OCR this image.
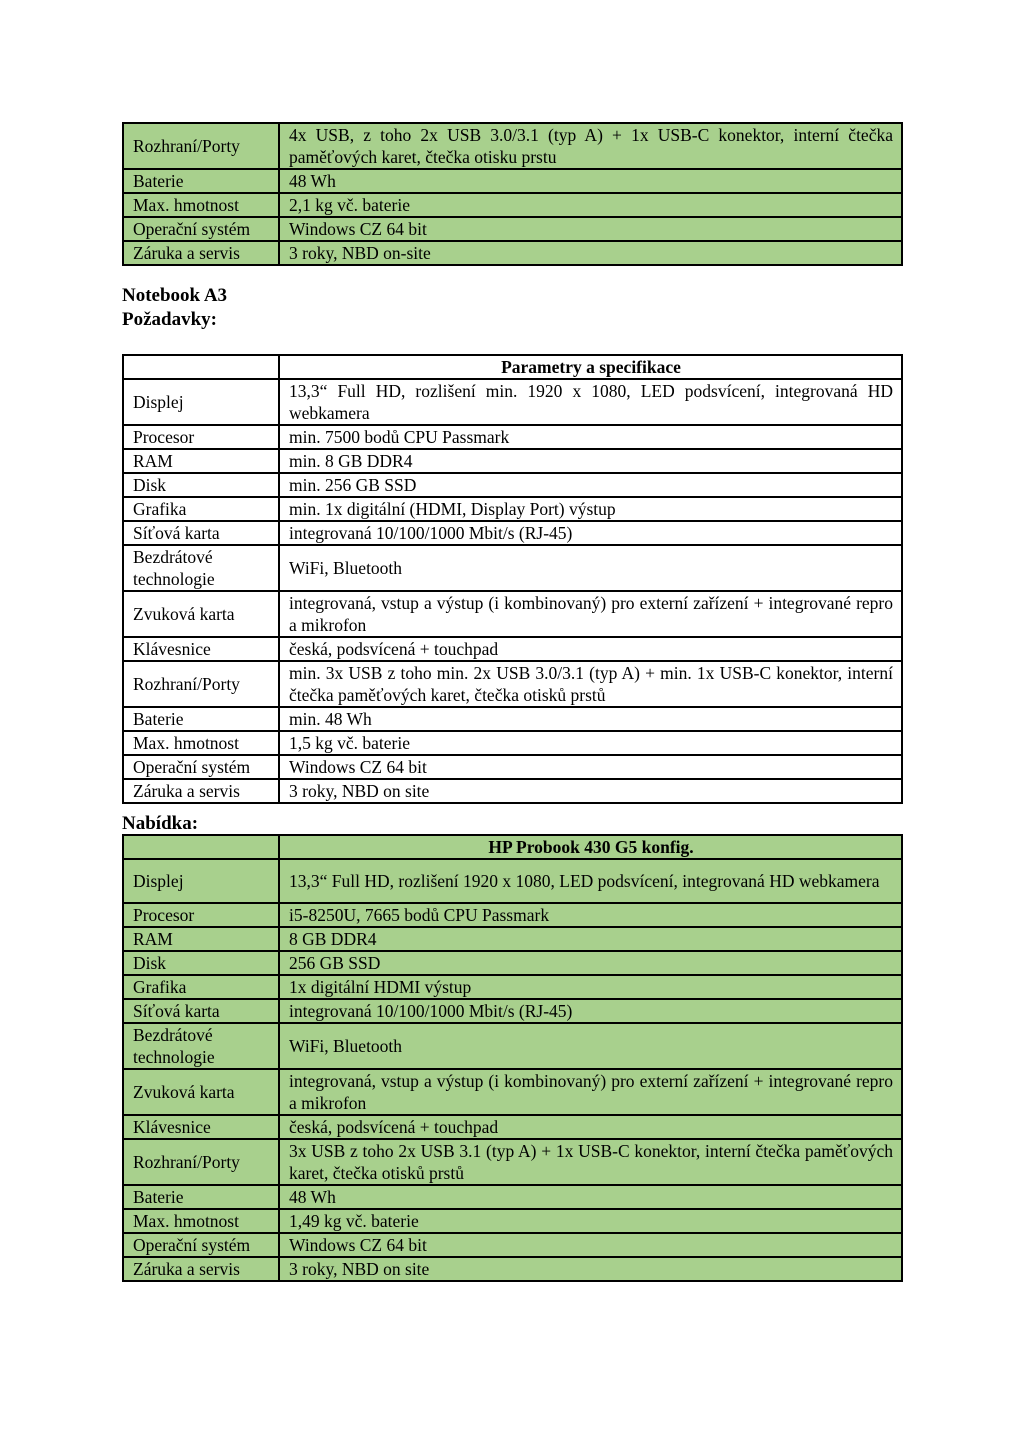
Rozhraní/Porty	4x USB, z toho 2x USB 3.0/3.1 (typ A) + 1x USB-C konektor, interní čtečka paměťových karet, čtečka otisku prstu
Baterie	48 Wh
Max. hmotnost	2,1 kg vč. baterie
Operační systém	Windows CZ 64 bit
Záruka a servis	3 roky, NBD on-site

Notebook A3

Požadavky:

	Parametry a specifikace
Displej	13,3“ Full HD, rozlišení min. 1920 x 1080, LED podsvícení, integrovaná HD webkamera
Procesor	min. 7500 bodů CPU Passmark
RAM	min. 8 GB DDR4
Disk	min. 256 GB SSD
Grafika	min. 1x digitální (HDMI, Display Port) výstup
Síťová karta	integrovaná 10/100/1000 Mbit/s (RJ-45)
Bezdrátové technologie	WiFi, Bluetooth
Zvuková karta	integrovaná, vstup a výstup (i kombinovaný) pro externí zařízení + integrované repro a mikrofon
Klávesnice	česká, podsvícená + touchpad
Rozhraní/Porty	min. 3x USB z toho min. 2x USB 3.0/3.1 (typ A) + min. 1x USB-C konektor, interní čtečka paměťových karet, čtečka otisků prstů
Baterie	min. 48 Wh
Max. hmotnost	1,5 kg vč. baterie
Operační systém	Windows CZ 64 bit
Záruka a servis	3 roky, NBD on site

Nabídka:

	HP Probook 430 G5 konfig.
Displej	13,3“ Full HD, rozlišení 1920 x 1080, LED podsvícení, integrovaná HD webkamera
Procesor	i5-8250U, 7665 bodů CPU Passmark
RAM	8 GB DDR4
Disk	256 GB SSD
Grafika	1x digitální HDMI výstup
Síťová karta	integrovaná 10/100/1000 Mbit/s (RJ-45)
Bezdrátové technologie	WiFi, Bluetooth
Zvuková karta	integrovaná, vstup a výstup (i kombinovaný) pro externí zařízení + integrované repro a mikrofon
Klávesnice	česká, podsvícená + touchpad
Rozhraní/Porty	3x USB z toho 2x USB 3.1 (typ A) + 1x USB-C konektor, interní čtečka paměťových karet, čtečka otisků prstů
Baterie	48 Wh
Max. hmotnost	1,49 kg vč. baterie
Operační systém	Windows CZ 64 bit
Záruka a servis	3 roky, NBD on site
